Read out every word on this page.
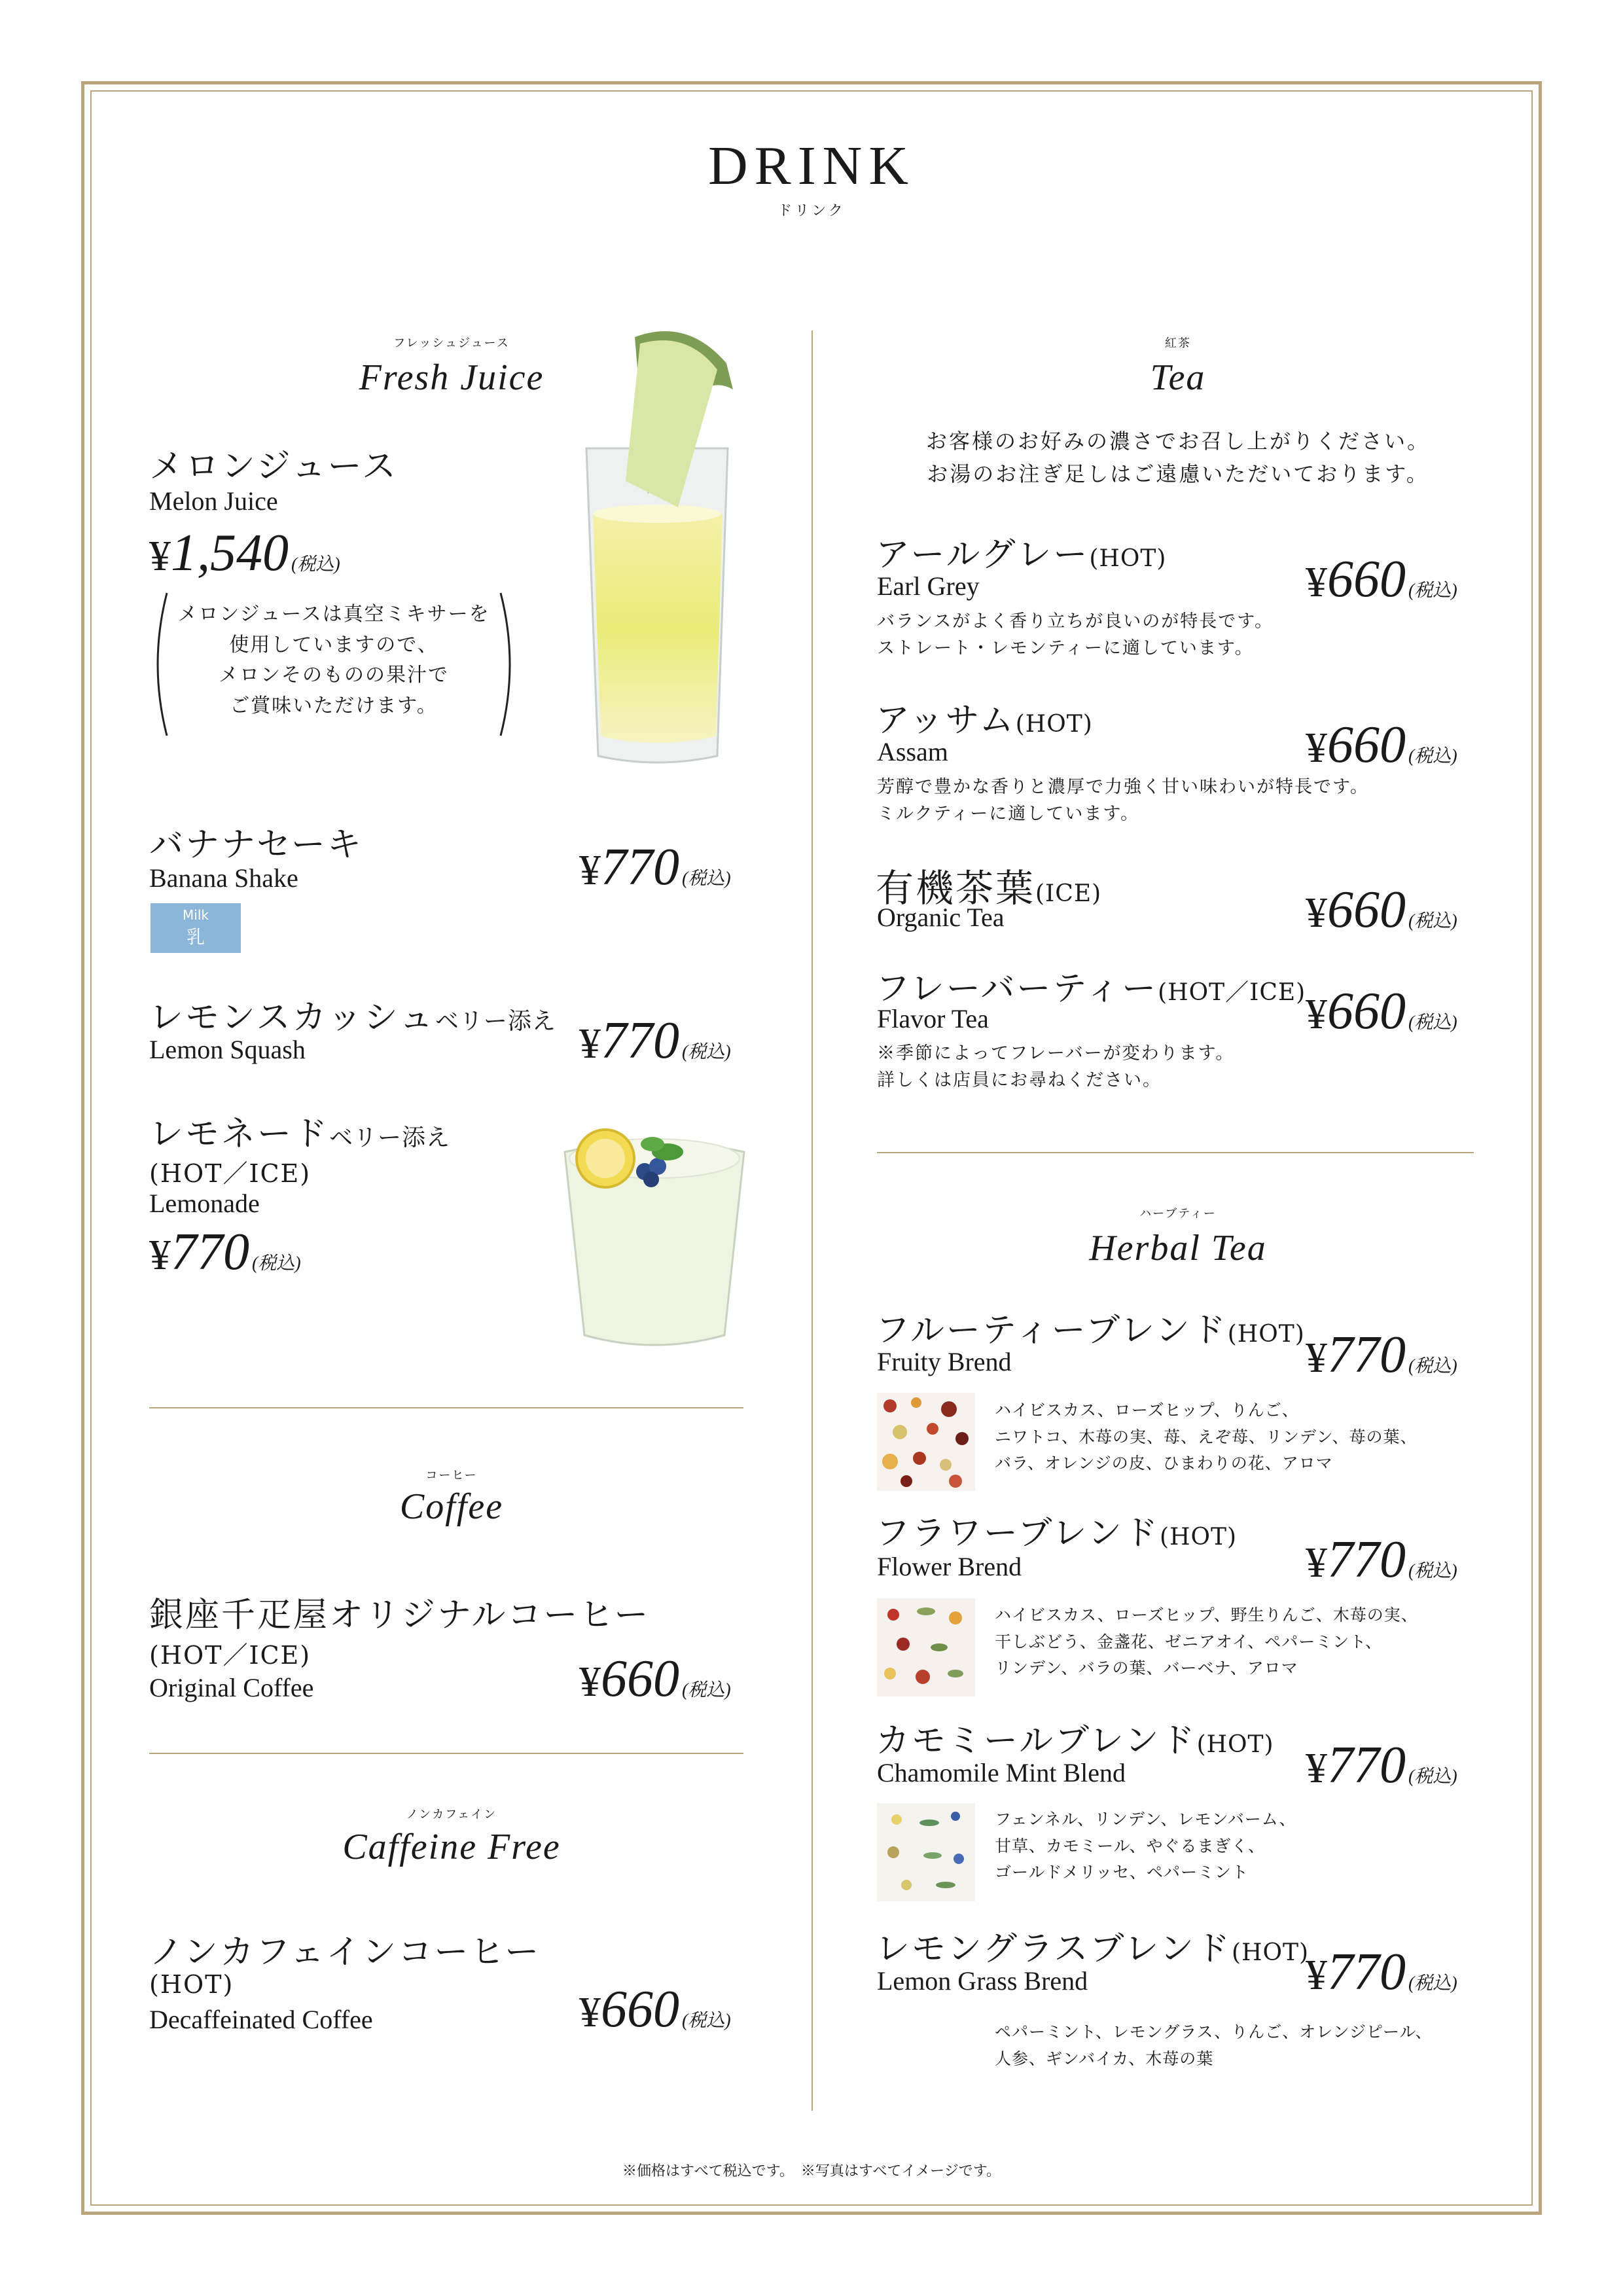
DRINK
ドリンク
フレッシュジュース
Fresh Juice
メロンジュース
Melon Juice
¥1,540 (税込)
メロンジュースは真空ミキサーを
使用していますので、
メロンそのものの果汁で
ご賞味いただけます。
バナナセーキ
Banana Shake	¥770 (税込)
Milk
乳
レモンスカッシュベリー添え
Lemon Squash	¥770 (税込)
レモネードベリー添え
(HOT／ICE)
Lemonade
¥770 (税込)
コーヒー
Coffee
銀座千疋屋オリジナルコーヒー
(HOT／ICE)
Original Coffee	¥660 (税込)
ノンカフェイン
Caffeine Free
ノンカフェインコーヒー
(HOT)
Decaffeinated Coffee	¥660 (税込)
紅茶
Tea
お客様のお好みの濃さでお召し上がりください。
お湯のお注ぎ足しはご遠慮いただいております。
アールグレー(HOT)
Earl Grey	¥660 (税込)
バランスがよく香り立ちが良いのが特長です。
ストレート・レモンティーに適しています。
アッサム(HOT)
Assam	¥660 (税込)
芳醇で豊かな香りと濃厚で力強く甘い味わいが特長です。
ミルクティーに適しています。
有機茶葉(ICE)
Organic Tea	¥660 (税込)
フレーバーティー(HOT／ICE)
Flavor Tea	¥660 (税込)
※季節によってフレーバーが変わります。
詳しくは店員にお尋ねください。
ハーブティー
Herbal Tea
フルーティーブレンド(HOT)
Fruity Brend	¥770 (税込)
ハイビスカス、ローズヒップ、りんご、
ニワトコ、木苺の実、苺、えぞ苺、リンデン、苺の葉、
バラ、オレンジの皮、ひまわりの花、アロマ
フラワーブレンド(HOT)
Flower Brend	¥770 (税込)
ハイビスカス、ローズヒップ、野生りんご、木苺の実、
干しぶどう、金盞花、ゼニアオイ、ペパーミント、
リンデン、バラの葉、バーベナ、アロマ
カモミールブレンド(HOT)
Chamomile Mint Blend	¥770 (税込)
フェンネル、リンデン、レモンバーム、
甘草、カモミール、やぐるまぎく、
ゴールドメリッセ、ペパーミント
レモングラスブレンド(HOT)
Lemon Grass Brend	¥770 (税込)
ペパーミント、レモングラス、りんご、オレンジピール、
人参、ギンバイカ、木苺の葉
※価格はすべて税込です。　※写真はすべてイメージです。
